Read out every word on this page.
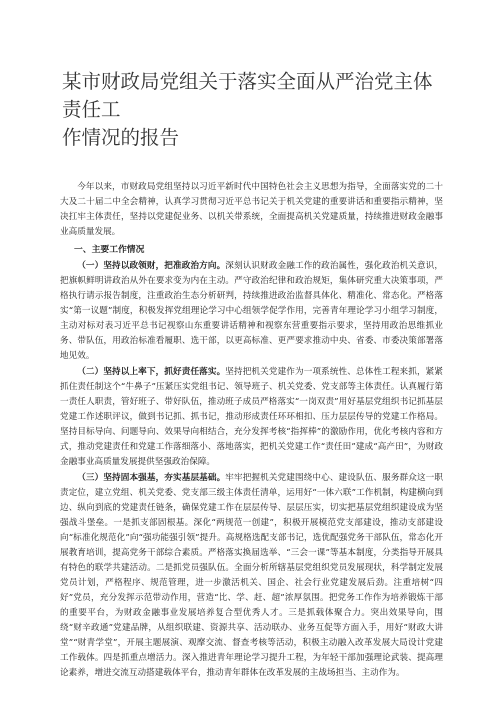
某市财政局党组关于落实全面从严治党主体责任工
作情况的报告

今年以来，市财政局党组坚持以习近平新时代中国特色社会主义思想为指导，全面落实党的二十大及二十届二中全会精神，认真学习贯彻习近平总书记关于机关党建的重要讲话和重要指示精神，坚决扛牢主体责任，坚持以党建促业务、以机关带系统，全面提高机关党建质量，持续推进财政金融事业高质量发展。

一、主要工作情况

（一）坚持以政领财，把准政治方向。深刻认识财政金融工作的政治属性，强化政治机关意识，把旗帜鲜明讲政治从外在要求变为内在主动。严守政治纪律和政治规矩，集体研究重大决策事项，严格执行请示报告制度，注重政治生态分析研判，持续推进政治监督具体化、精准化、常态化。严格落实“第一议题”制度，积极发挥党组理论学习中心组领学促学作用，完善青年理论学习小组学习制度，主动对标对表习近平总书记视察山东重要讲话精神和视察东营重要指示要求，坚持用政治思维抓业务、带队伍，用政治标准看履职、选干部，以更高标准、更严要求推动中央、省委、市委决策部署落地见效。

（二）坚持以上率下，抓好责任落实。坚持把机关党建作为一项系统性、总体性工程来抓，紧紧抓住责任制这个“牛鼻子”压紧压实党组书记、领导班子、机关党委、党支部等主体责任。认真履行第一责任人职责，管好班子、带好队伍，推动班子成员严格落实“一岗双责”用好基层党组织书记抓基层党建工作述职评议，做到书记抓、抓书记，推动形成责任环环相扣、压力层层传导的党建工作格局。坚持目标导向、问题导向、效果导向相结合，充分发挥考核“指挥棒”的激励作用，优化考核内容和方式，推动党建责任和党建工作落细落小、落地落实，把机关党建工作“责任田”建成“高产田”，为财政金融事业高质量发展提供坚强政治保障。

（三）坚持固本强基，夯实基层基础。牢牢把握机关党建围绕中心、建设队伍、服务群众这一职责定位，建立党组、机关党委、党支部三级主体责任清单，运用好“一体六联”工作机制，构建横向到边、纵向到底的党建责任链条，确保党建工作在层层传导、层层压实，切实把基层党组织建设成为坚强战斗堡垒。一是抓支部固根基。深化“两规范一创建”，积极开展模范党支部建设，推动支部建设向“标准化规范化”向“强功能强引领”提升。高规格选配支部书记，选优配强党务干部队伍，常态化开展教育培训，提高党务干部综合素质。严格落实换届选举、“三会一课”等基本制度，分类指导开展具有特色的联学共建活动。二是抓党员强队伍。全面分析所辖基层党组织党员发展现状，科学制定发展党员计划，严格程序、规范管理，进一步激活机关、国企、社会行业党建发展后劲。注重培树“四好”党员，充分发挥示范带动作用，营造“比、学、赶、超”浓厚氛围。把党务工作作为培养锻炼干部的重要平台，为财政金融事业发展培养复合型优秀人才。三是抓载体聚合力。突出效果导向，围绕“财辛政通”党建品牌，从组织联建、资源共享、活动联办、业务互促等方面入手，用好“财政大讲堂”“财青学堂”，开展主题展演、观摩交流、督查考核等活动，积极主动融入改革发展大局设计党建工作载体。四是抓重点增活力。深入推进青年理论学习提升工程，为年轻干部加强理论武装、提高理论素养，增进交流互动搭建载体平台，推动青年群体在改革发展的主战场担当、主动作为。
